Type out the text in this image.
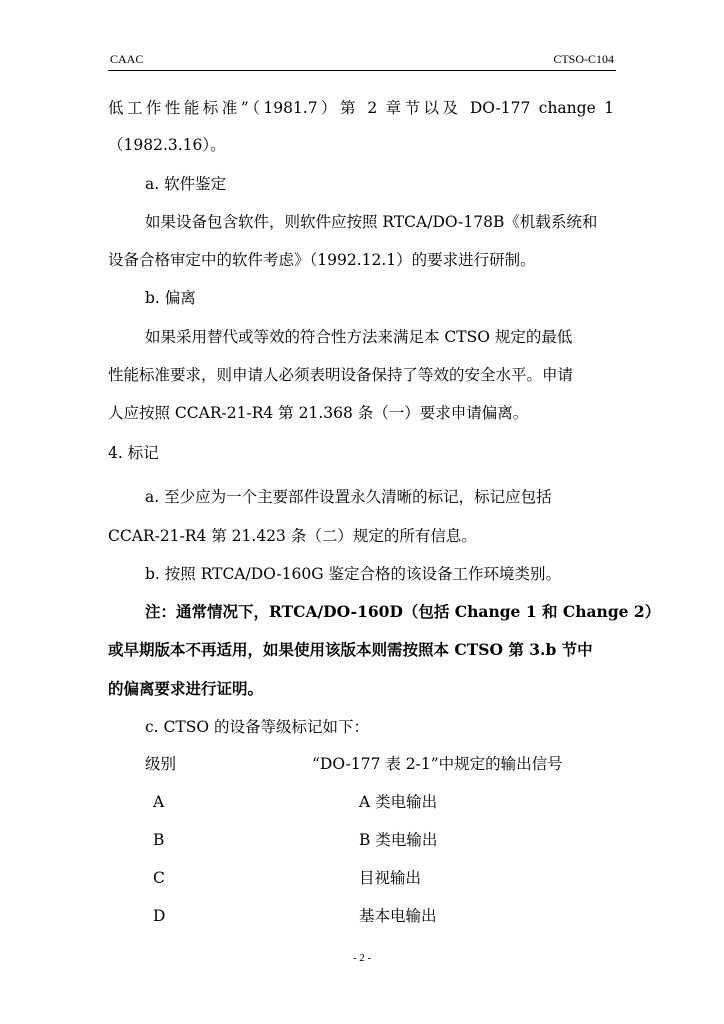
CAAC	CTSO-C104
低工作性能标准”（1981.7）第 2 章节以及 DO-177 change 1
（1982.3.16）。
a. 软件鉴定
如果设备包含软件，则软件应按照 RTCA/DO-178B《机载系统和
设备合格审定中的软件考虑》（1992.12.1）的要求进行研制。
b. 偏离
如果采用替代或等效的符合性方法来满足本 CTSO 规定的最低
性能标准要求，则申请人必须表明设备保持了等效的安全水平。申请
人应按照 CCAR-21-R4 第 21.368 条（一）要求申请偏离。
4. 标记
a. 至少应为一个主要部件设置永久清晰的标记，标记应包括
CCAR-21-R4 第 21.423 条（二）规定的所有信息。
b. 按照 RTCA/DO-160G 鉴定合格的该设备工作环境类别。
注：通常情况下，RTCA/DO-160D（包括 Change 1 和 Change 2）
或早期版本不再适用，如果使用该版本则需按照本 CTSO 第 3.b 节中
的偏离要求进行证明。
c. CTSO 的设备等级标记如下：
级别	“DO-177 表 2-1”中规定的输出信号
A	A 类电输出
B	B 类电输出
C	目视输出
D	基本电输出
- 2 -
